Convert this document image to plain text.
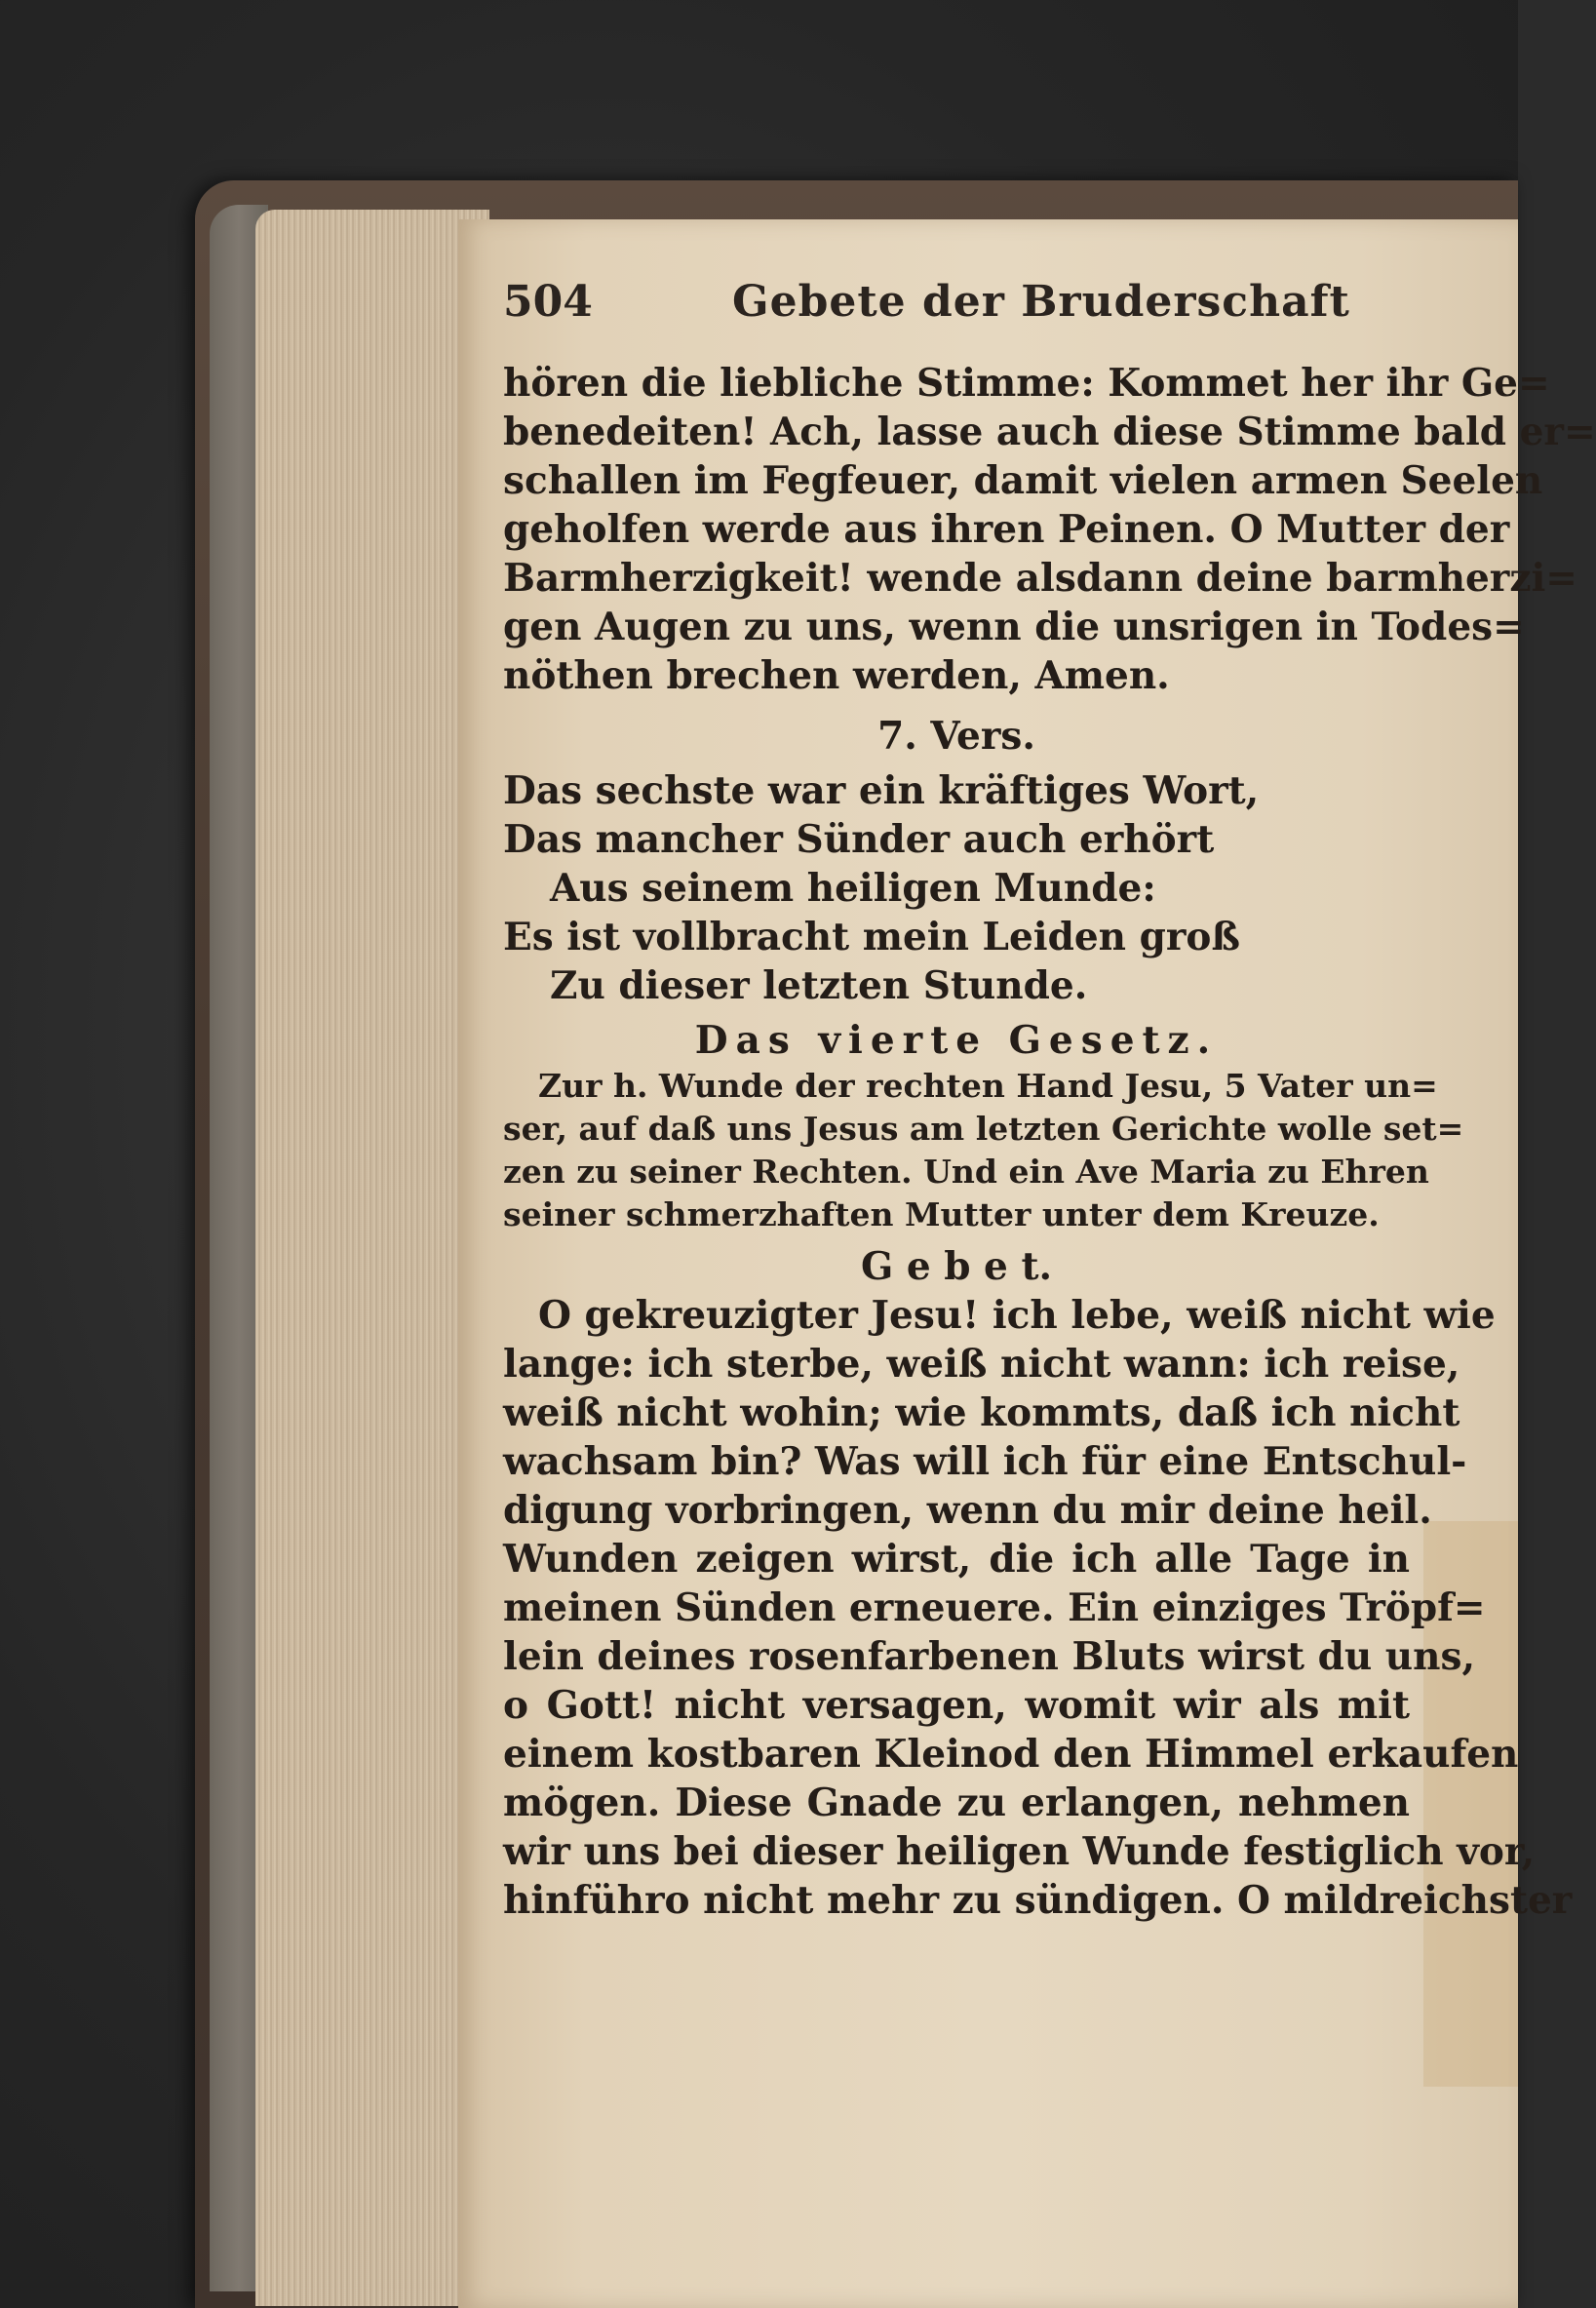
504	Gebete der Bruderschaft
hören die liebliche Stimme: Kommet her ihr Ge=
benedeiten! Ach, lasse auch diese Stimme bald er=
schallen im Fegfeuer, damit vielen armen Seelen
geholfen werde aus ihren Peinen. O Mutter der
Barmherzigkeit! wende alsdann deine barmherzi=
gen Augen zu uns, wenn die unsrigen in Todes=
nöthen brechen werden, Amen.
7. Vers.
Das sechste war ein kräftiges Wort,
Das mancher Sünder auch erhört
Aus seinem heiligen Munde:
Es ist vollbracht mein Leiden groß
Zu dieser letzten Stunde.
Das vierte Gesetz.
Zur h. Wunde der rechten Hand Jesu, 5 Vater un=
ser, auf daß uns Jesus am letzten Gerichte wolle set=
zen zu seiner Rechten. Und ein Ave Maria zu Ehren
seiner schmerzhaften Mutter unter dem Kreuze.
G e b e t.
O gekreuzigter Jesu! ich lebe, weiß nicht wie
lange: ich sterbe, weiß nicht wann: ich reise,
weiß nicht wohin; wie kommts, daß ich nicht
wachsam bin? Was will ich für eine Entschul-
digung vorbringen, wenn du mir deine heil.
Wunden zeigen wirst, die ich alle Tage in
meinen Sünden erneuere. Ein einziges Tröpf=
lein deines rosenfarbenen Bluts wirst du uns,
o Gott! nicht versagen, womit wir als mit
einem kostbaren Kleinod den Himmel erkaufen
mögen. Diese Gnade zu erlangen, nehmen
wir uns bei dieser heiligen Wunde festiglich vor,
hinführo nicht mehr zu sündigen. O mildreichster
